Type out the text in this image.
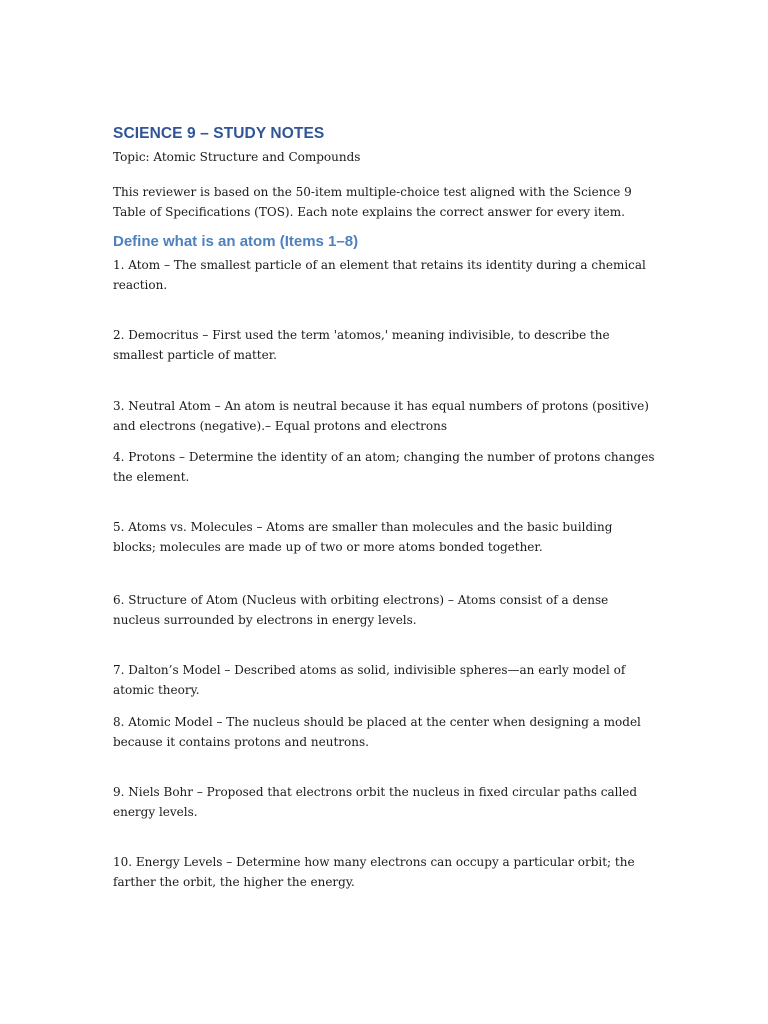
SCIENCE 9 – STUDY NOTES

Topic: Atomic Structure and Compounds

This reviewer is based on the 50-item multiple-choice test aligned with the Science 9 Table of Specifications (TOS). Each note explains the correct answer for every item.

Define what is an atom (Items 1–8)

1. Atom – The smallest particle of an element that retains its identity during a chemical reaction.

2. Democritus – First used the term 'atomos,' meaning indivisible, to describe the smallest particle of matter.

3. Neutral Atom – An atom is neutral because it has equal numbers of protons (positive) and electrons (negative).– Equal protons and electrons

4. Protons – Determine the identity of an atom; changing the number of protons changes the element.

5. Atoms vs. Molecules – Atoms are smaller than molecules and the basic building blocks; molecules are made up of two or more atoms bonded together.

6. Structure of Atom (Nucleus with orbiting electrons) – Atoms consist of a dense nucleus surrounded by electrons in energy levels.

7. Dalton’s Model – Described atoms as solid, indivisible spheres—an early model of atomic theory.

8. Atomic Model – The nucleus should be placed at the center when designing a model because it contains protons and neutrons.

9. Niels Bohr – Proposed that electrons orbit the nucleus in fixed circular paths called energy levels.

10. Energy Levels – Determine how many electrons can occupy a particular orbit; the farther the orbit, the higher the energy.
